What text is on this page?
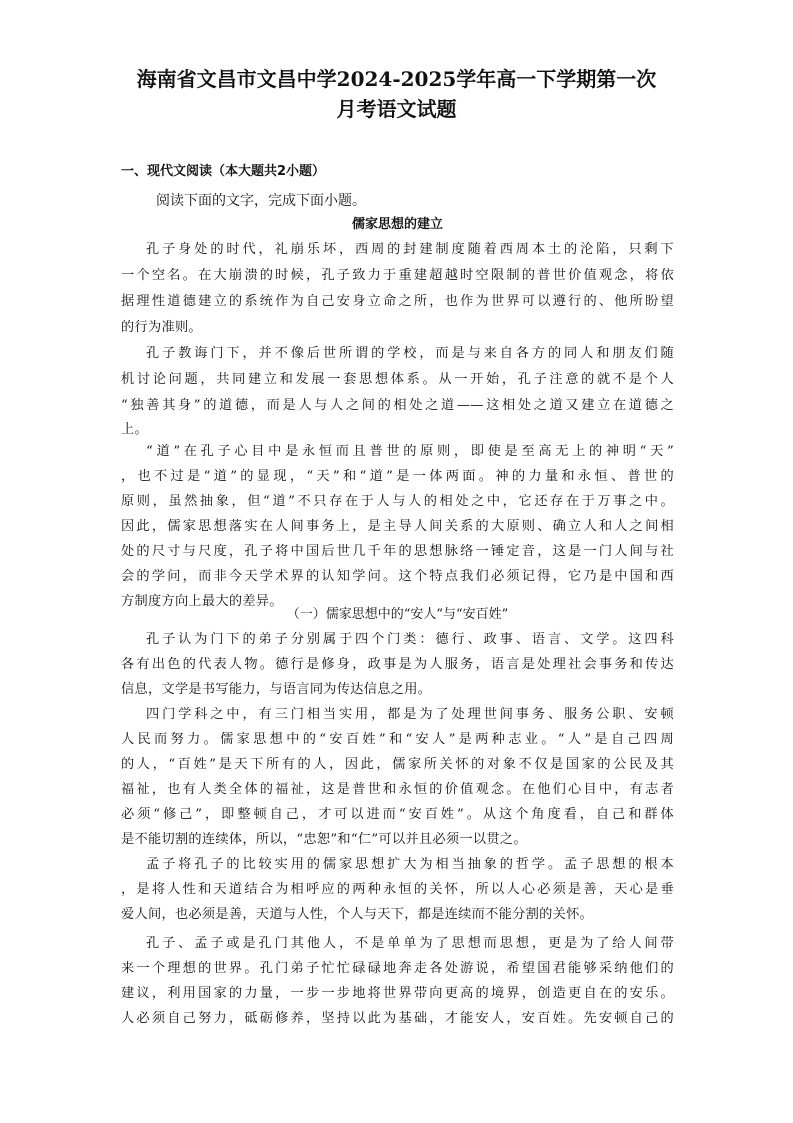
海南省文昌市文昌中学2024-2025学年高一下学期第一次
月考语文试题
一、现代文阅读（本大题共2小题）
阅读下面的文字，完成下面小题。
儒家思想的建立
孔子身处的时代，礼崩乐坏，西周的封建制度随着西周本土的沦陷，只剩下
一个空名。在大崩溃的时候，孔子致力于重建超越时空限制的普世价值观念，将依
据理性道德建立的系统作为自己安身立命之所，也作为世界可以遵行的、他所盼望
的行为准则。
孔子教诲门下，并不像后世所谓的学校，而是与来自各方的同人和朋友们随
机讨论问题，共同建立和发展一套思想体系。从一开始，孔子注意的就不是个人
“独善其身”的道德，而是人与人之间的相处之道——这相处之道又建立在道德之
上。
“道”在孔子心目中是永恒而且普世的原则，即使是至高无上的神明“天”
，也不过是“道”的显现，“天”和“道”是一体两面。神的力量和永恒、普世的
原则，虽然抽象，但“道”不只存在于人与人的相处之中，它还存在于万事之中。
因此，儒家思想落实在人间事务上，是主导人间关系的大原则、确立人和人之间相
处的尺寸与尺度，孔子将中国后世几千年的思想脉络一锤定音，这是一门人间与社
会的学问，而非今天学术界的认知学问。这个特点我们必须记得，它乃是中国和西
方制度方向上最大的差异。
（一）儒家思想中的“安人”与“安百姓”
孔子认为门下的弟子分别属于四个门类：德行、政事、语言、文学。这四科
各有出色的代表人物。德行是修身，政事是为人服务，语言是处理社会事务和传达
信息，文学是书写能力，与语言同为传达信息之用。
四门学科之中，有三门相当实用，都是为了处理世间事务、服务公职、安顿
人民而努力。儒家思想中的“安百姓”和“安人”是两种志业。“人”是自己四周
的人，“百姓”是天下所有的人，因此，儒家所关怀的对象不仅是国家的公民及其
福祉，也有人类全体的福祉，这是普世和永恒的价值观念。在他们心目中，有志者
必须“修己”，即整顿自己，才可以进而“安百姓”。从这个角度看，自己和群体
是不能切割的连续体，所以，“忠恕”和“仁”可以并且必须一以贯之。
孟子将孔子的比较实用的儒家思想扩大为相当抽象的哲学。孟子思想的根本
，是将人性和天道结合为相呼应的两种永恒的关怀，所以人心必须是善，天心是垂
爱人间，也必须是善，天道与人性，个人与天下，都是连续而不能分割的关怀。
孔子、孟子或是孔门其他人，不是单单为了思想而思想，更是为了给人间带
来一个理想的世界。孔门弟子忙忙碌碌地奔走各处游说，希望国君能够采纳他们的
建议，利用国家的力量，一步一步地将世界带向更高的境界，创造更自在的安乐。
人必须自己努力，砥砺修养，坚持以此为基础，才能安人，安百姓。先安顿自己的
